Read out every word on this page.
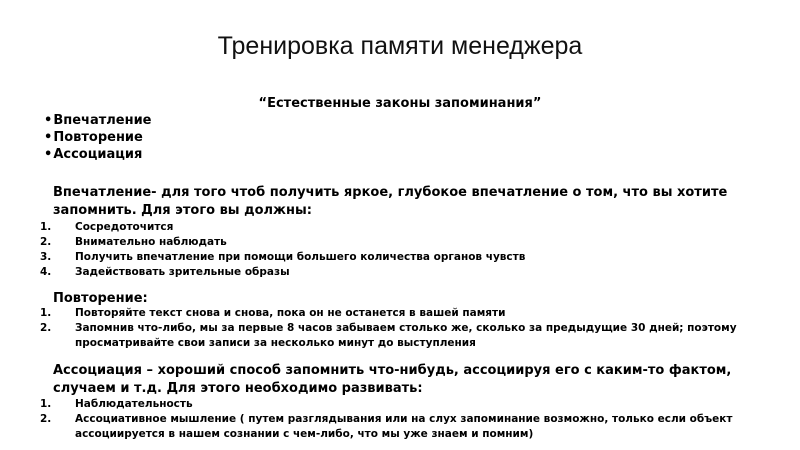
Тренировка памяти менеджера
“Естественные законы запоминания”
• Впечатление
• Повторение
• Ассоциация

Впечатление- для того чтоб получить яркое, глубокое впечатление о том, что вы хотите запомнить. Для этого вы должны:

1. Сосредоточится
2. Внимательно наблюдать
3. Получить впечатление при помощи большего количества органов чувств
4. Задействовать зрительные образы

Повторение:

1. Повторяйте текст снова и снова, пока он не останется в вашей памяти
2. Запомнив что-либо, мы за первые 8 часов забываем столько же, сколько за предыдущие 30 дней; поэтому просматривайте свои записи за несколько минут до выступления

Ассоциация – хороший способ запомнить что-нибудь, ассоциируя его с каким-то фактом, случаем и т.д. Для этого необходимо развивать:

1. Наблюдательность
2. Ассоциативное мышление ( путем разглядывания или на слух запоминание возможно, только если объект ассоциируется в нашем сознании с чем-либо, что мы уже знаем и помним)
